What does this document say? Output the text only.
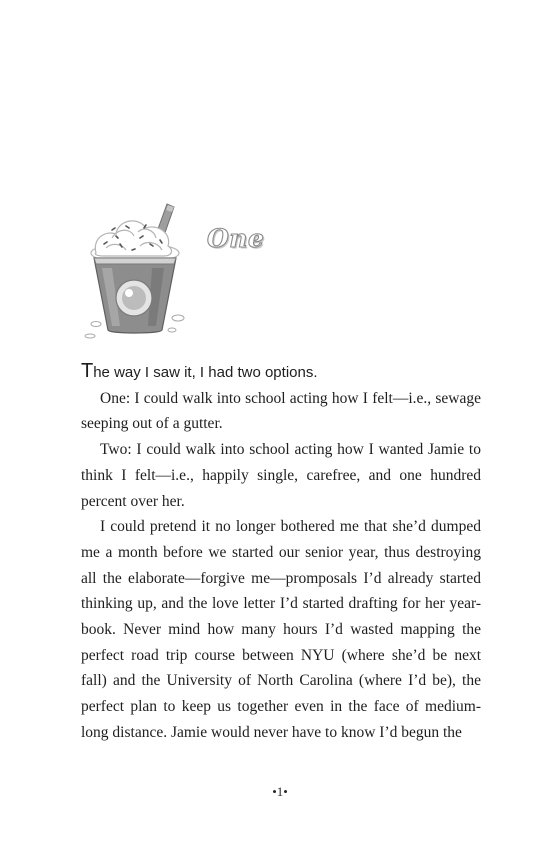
One

The way I saw it, I had two options.

One: I could walk into school acting how I felt—i.e., sewage seeping out of a gutter.

Two: I could walk into school acting how I wanted Jamie to think I felt—i.e., happily single, carefree, and one hundred percent over her.

I could pretend it no longer bothered me that she’d dumped me a month before we started our senior year, thus destroying all the elaborate—forgive me—promposals I’d already started thinking up, and the love letter I’d started drafting for her year-book. Never mind how many hours I’d wasted mapping the perfect road trip course between NYU (where she’d be next fall) and the University of North Carolina (where I’d be), the perfect plan to keep us together even in the face of medium-long distance. Jamie would never have to know I’d begun the

•1•
